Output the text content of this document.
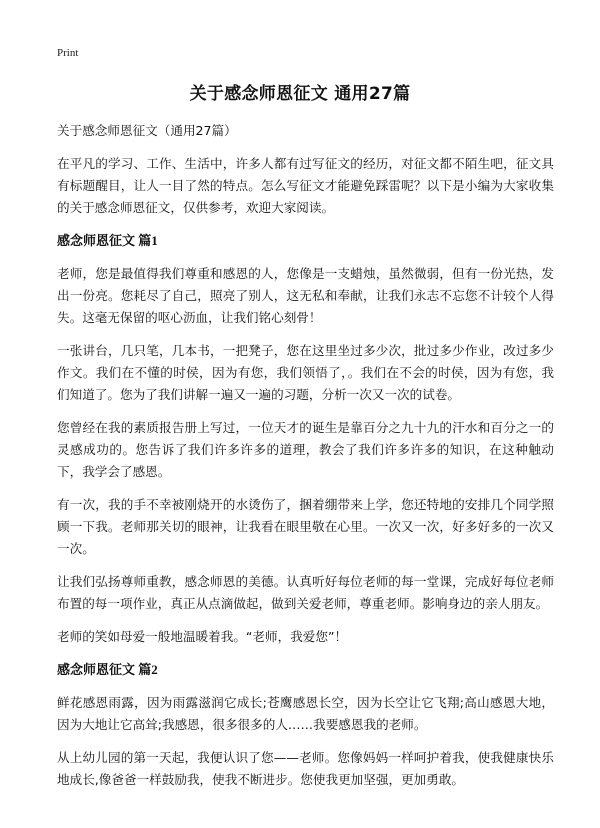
Print
关于感念师恩征文 通用27篇
关于感念师恩征文（通用27篇）
在平凡的学习、工作、生活中，许多人都有过写征文的经历，对征文都不陌生吧，征文具有标题醒目，让人一目了然的特点。怎么写征文才能避免踩雷呢？以下是小编为大家收集的关于感念师恩征文，仅供参考，欢迎大家阅读。
感念师恩征文 篇1
老师，您是最值得我们尊重和感恩的人，您像是一支蜡烛，虽然微弱，但有一份光热，发出一份亮。您耗尽了自己，照亮了别人，这无私和奉献，让我们永志不忘您不计较个人得失。这毫无保留的呕心沥血，让我们铭心刻骨！
一张讲台，几只笔，几本书，一把凳子，您在这里坐过多少次，批过多少作业，改过多少作文。我们在不懂的时侯，因为有您，我们领悟了，。我们在不会的时侯，因为有您，我们知道了。您为了我们讲解一遍又一遍的习题，分析一次又一次的试卷。
您曾经在我的素质报告册上写过，一位天才的诞生是靠百分之九十九的汗水和百分之一的灵感成功的。您告诉了我们许多许多的道理，教会了我们许多许多的知识，在这种触动下，我学会了感恩。
有一次，我的手不幸被刚烧开的水烫伤了，捆着绷带来上学，您还特地的安排几个同学照顾一下我。老师那关切的眼神，让我看在眼里敬在心里。一次又一次，好多好多的一次又一次。
让我们弘扬尊师重教，感念师恩的美德。认真听好每位老师的每一堂课，完成好每位老师布置的每一项作业，真正从点滴做起，做到关爱老师，尊重老师。影响身边的亲人朋友。
老师的笑如母爱一般地温暖着我。“老师，我爱您”！
感念师恩征文 篇2
鲜花感恩雨露，因为雨露滋润它成长;苍鹰感恩长空，因为长空让它飞翔;高山感恩大地，因为大地让它高耸;我感恩，很多很多的人……我要感恩我的老师。
从上幼儿园的第一天起，我便认识了您——老师。您像妈妈一样呵护着我，使我健康快乐地成长,像爸爸一样鼓励我，使我不断进步。您使我更加坚强，更加勇敢。
